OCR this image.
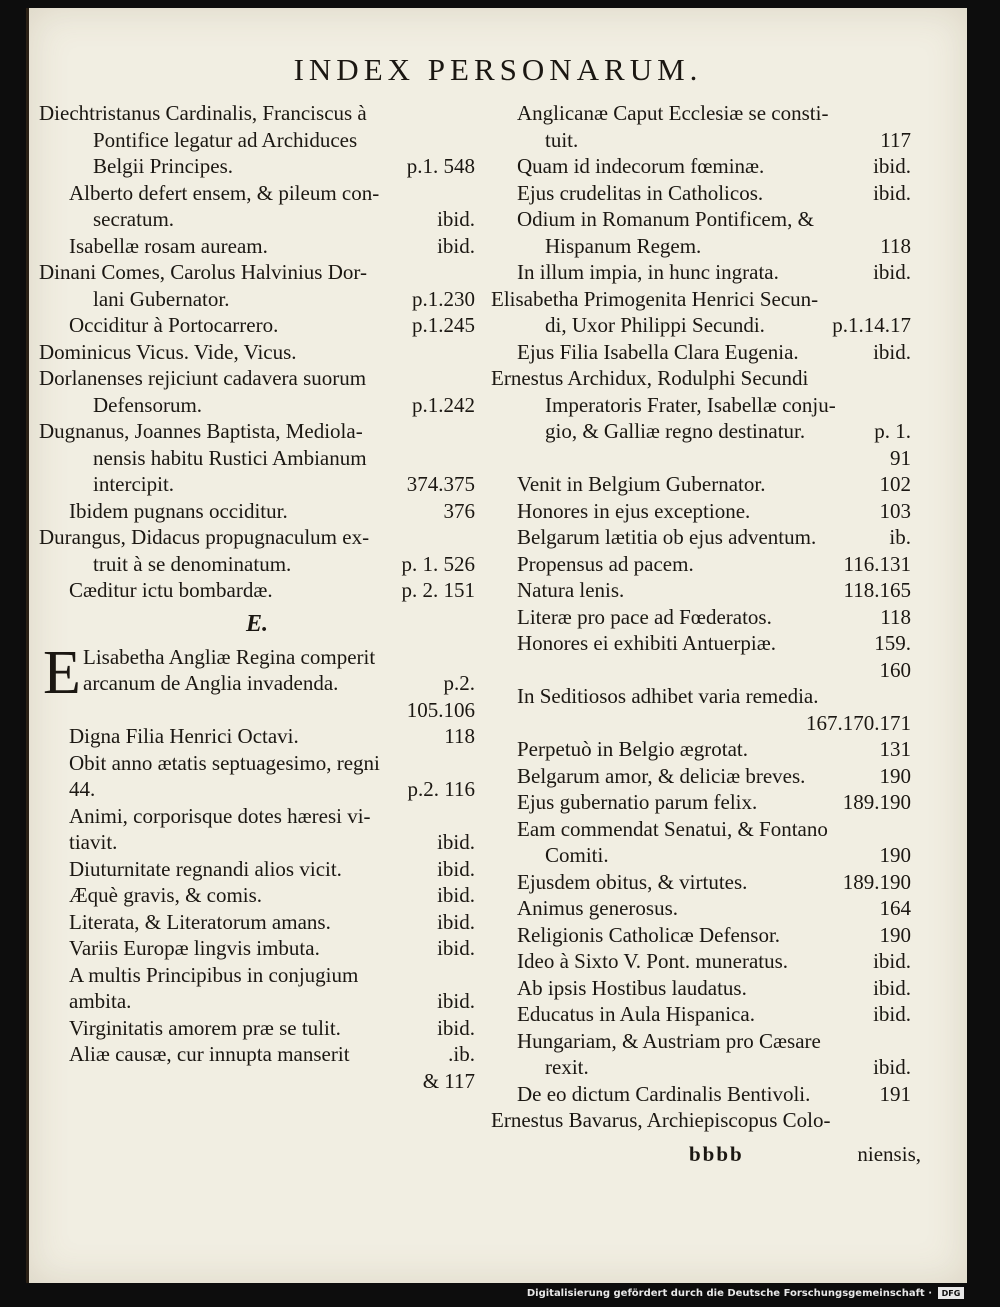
INDEX PERSONARUM.
Diechtristanus Cardinalis, Franciscus à
Pontifice legatur ad Archiduces
Belgii Principes.	p.1. 548
Alberto defert ensem, & pileum con-
secratum.	ibid.
Isabellæ rosam auream.	ibid.
Dinani Comes, Carolus Halvinius Dor-
lani Gubernator.	p.1.230
Occiditur à Portocarrero.	p.1.245
Dominicus Vicus. Vide, Vicus.
Dorlanenses rejiciunt cadavera suorum
Defensorum.	p.1.242
Dugnanus, Joannes Baptista, Mediola-
nensis habitu Rustici Ambianum
intercipit.	374.375
Ibidem pugnans occiditur.	376
Durangus, Didacus propugnaculum ex-
truit à se denominatum.	p. 1. 526
Cæditur ictu bombardæ.	p. 2. 151
E.
E Lisabetha Angliæ Regina comperit
arcanum de Anglia invadenda.	p.2.
105.106
Digna Filia Henrici Octavi.	118
Obit anno ætatis septuagesimo, regni
44.	p.2. 116
Animi, corporisque dotes hæresi vi-
tiavit.	ibid.
Diuturnitate regnandi alios vicit.	ibid.
Æquè gravis, & comis.	ibid.
Literata, & Literatorum amans.	ibid.
Variis Europæ lingvis imbuta.	ibid.
A multis Principibus in conjugium
ambita.	ibid.
Virginitatis amorem præ se tulit.	ibid.
Aliæ causæ, cur innupta manserit	.ib.
& 117
Anglicanæ Caput Ecclesiæ se consti-
tuit.	117
Quam id indecorum fœminæ.	ibid.
Ejus crudelitas in Catholicos.	ibid.
Odium in Romanum Pontificem, &
Hispanum Regem.	118
In illum impia, in hunc ingrata.	ibid.
Elisabetha Primogenita Henrici Secun-
di, Uxor Philippi Secundi.	p.1.14.17
Ejus Filia Isabella Clara Eugenia.	ibid.
Ernestus Archidux, Rodulphi Secundi
Imperatoris Frater, Isabellæ conju-
gio, & Galliæ regno destinatur.	p. 1.
91
Venit in Belgium Gubernator.	102
Honores in ejus exceptione.	103
Belgarum lætitia ob ejus adventum.	ib.
Propensus ad pacem.	116.131
Natura lenis.	118.165
Literæ pro pace ad Fœderatos.	118
Honores ei exhibiti Antuerpiæ.	159.
160
In Seditiosos adhibet varia remedia.
167.170.171
Perpetuò in Belgio ægrotat.	131
Belgarum amor, & deliciæ breves.	190
Ejus gubernatio parum felix.	189.190
Eam commendat Senatui, & Fontano
Comiti.	190
Ejusdem obitus, & virtutes.	189.190
Animus generosus.	164
Religionis Catholicæ Defensor.	190
Ideo à Sixto V. Pont. muneratus.	ibid.
Ab ipsis Hostibus laudatus.	ibid.
Educatus in Aula Hispanica.	ibid.
Hungariam, & Austriam pro Cæsare
rexit.	ibid.
De eo dictum Cardinalis Bentivoli.	191
Ernestus Bavarus, Archiepiscopus Colo-
bbbb	niensis,
Digitalisierung gefördert durch die Deutsche Forschungsgemeinschaft ·	DFG
